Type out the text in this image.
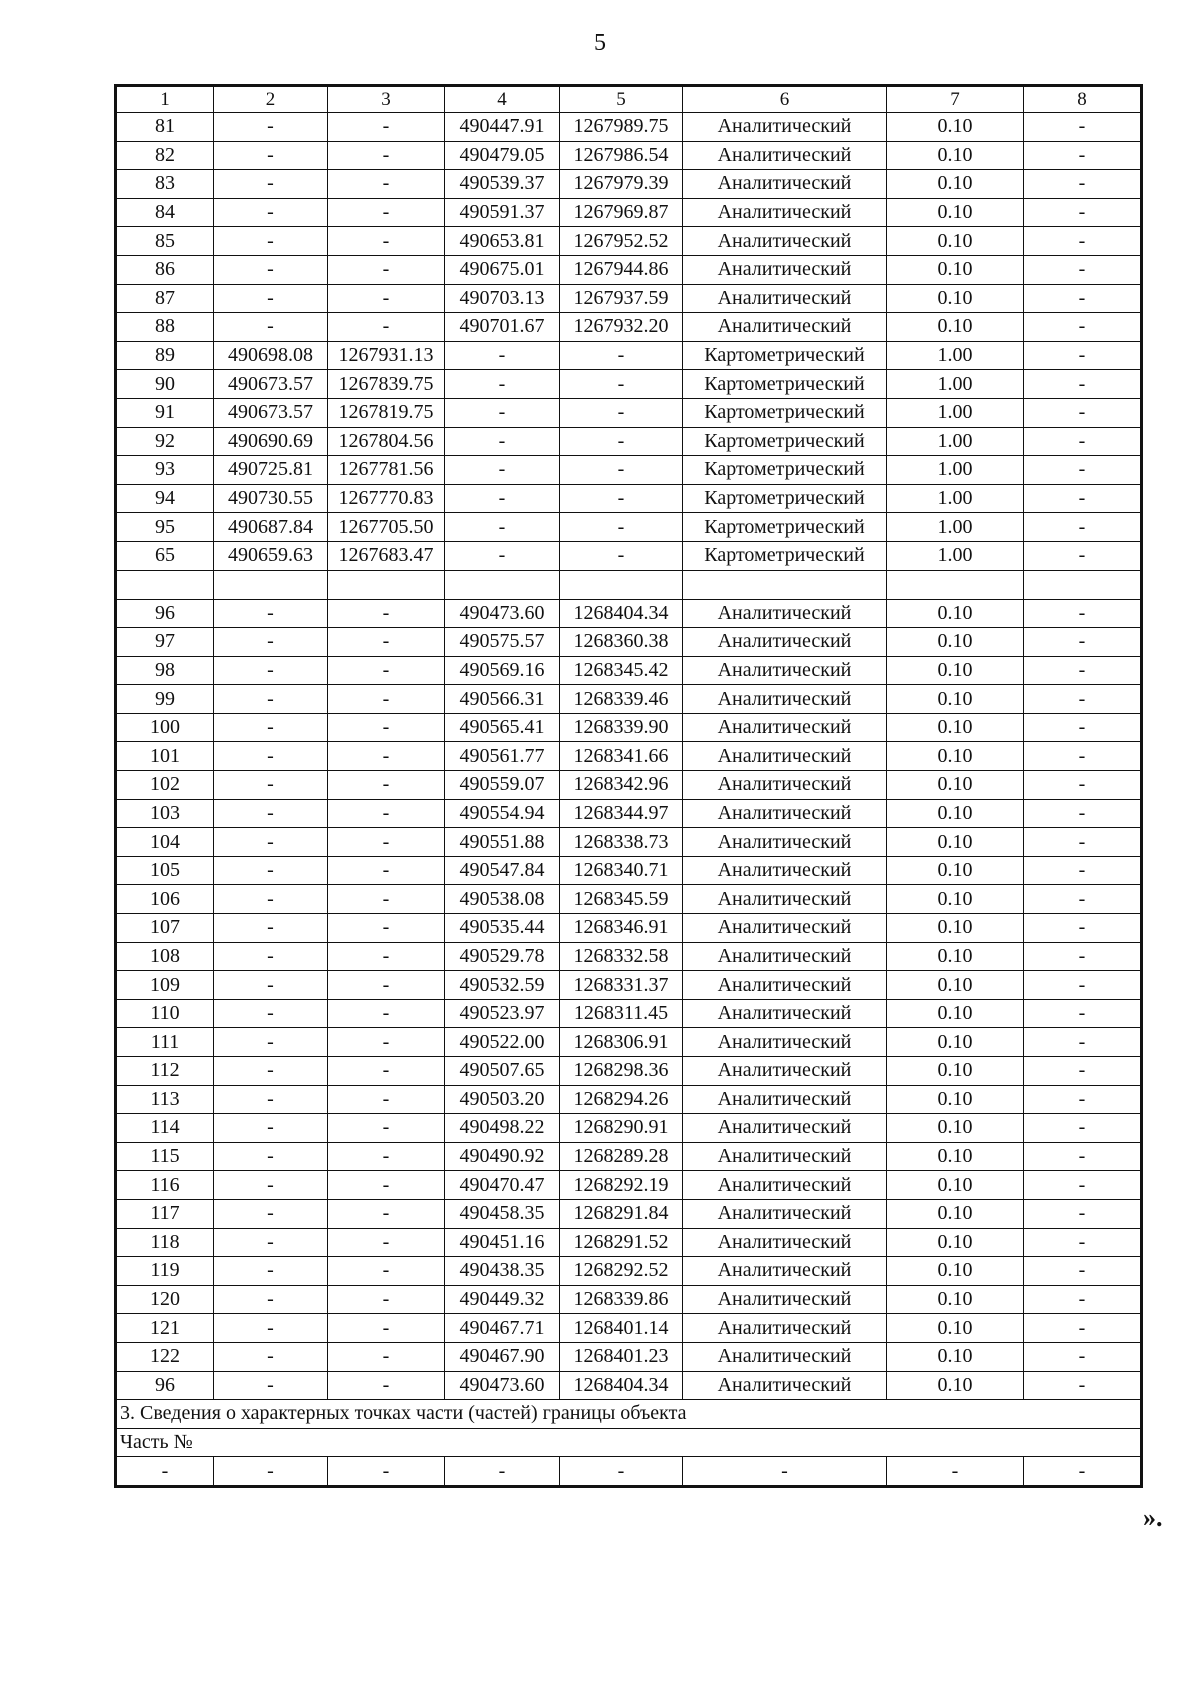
5
1	2	3	4	5	6	7	8
81	-	-	490447.91	1267989.75	Аналитический	0.10	-
82	-	-	490479.05	1267986.54	Аналитический	0.10	-
83	-	-	490539.37	1267979.39	Аналитический	0.10	-
84	-	-	490591.37	1267969.87	Аналитический	0.10	-
85	-	-	490653.81	1267952.52	Аналитический	0.10	-
86	-	-	490675.01	1267944.86	Аналитический	0.10	-
87	-	-	490703.13	1267937.59	Аналитический	0.10	-
88	-	-	490701.67	1267932.20	Аналитический	0.10	-
89	490698.08	1267931.13	-	-	Картометрический	1.00	-
90	490673.57	1267839.75	-	-	Картометрический	1.00	-
91	490673.57	1267819.75	-	-	Картометрический	1.00	-
92	490690.69	1267804.56	-	-	Картометрический	1.00	-
93	490725.81	1267781.56	-	-	Картометрический	1.00	-
94	490730.55	1267770.83	-	-	Картометрический	1.00	-
95	490687.84	1267705.50	-	-	Картометрический	1.00	-
65	490659.63	1267683.47	-	-	Картометрический	1.00	-

96	-	-	490473.60	1268404.34	Аналитический	0.10	-
97	-	-	490575.57	1268360.38	Аналитический	0.10	-
98	-	-	490569.16	1268345.42	Аналитический	0.10	-
99	-	-	490566.31	1268339.46	Аналитический	0.10	-
100	-	-	490565.41	1268339.90	Аналитический	0.10	-
101	-	-	490561.77	1268341.66	Аналитический	0.10	-
102	-	-	490559.07	1268342.96	Аналитический	0.10	-
103	-	-	490554.94	1268344.97	Аналитический	0.10	-
104	-	-	490551.88	1268338.73	Аналитический	0.10	-
105	-	-	490547.84	1268340.71	Аналитический	0.10	-
106	-	-	490538.08	1268345.59	Аналитический	0.10	-
107	-	-	490535.44	1268346.91	Аналитический	0.10	-
108	-	-	490529.78	1268332.58	Аналитический	0.10	-
109	-	-	490532.59	1268331.37	Аналитический	0.10	-
110	-	-	490523.97	1268311.45	Аналитический	0.10	-
111	-	-	490522.00	1268306.91	Аналитический	0.10	-
112	-	-	490507.65	1268298.36	Аналитический	0.10	-
113	-	-	490503.20	1268294.26	Аналитический	0.10	-
114	-	-	490498.22	1268290.91	Аналитический	0.10	-
115	-	-	490490.92	1268289.28	Аналитический	0.10	-
116	-	-	490470.47	1268292.19	Аналитический	0.10	-
117	-	-	490458.35	1268291.84	Аналитический	0.10	-
118	-	-	490451.16	1268291.52	Аналитический	0.10	-
119	-	-	490438.35	1268292.52	Аналитический	0.10	-
120	-	-	490449.32	1268339.86	Аналитический	0.10	-
121	-	-	490467.71	1268401.14	Аналитический	0.10	-
122	-	-	490467.90	1268401.23	Аналитический	0.10	-
96	-	-	490473.60	1268404.34	Аналитический	0.10	-
3. Сведения о характерных точках части (частей) границы объекта							
Часть №							
-	-	-	-	-	-	-	-
».
